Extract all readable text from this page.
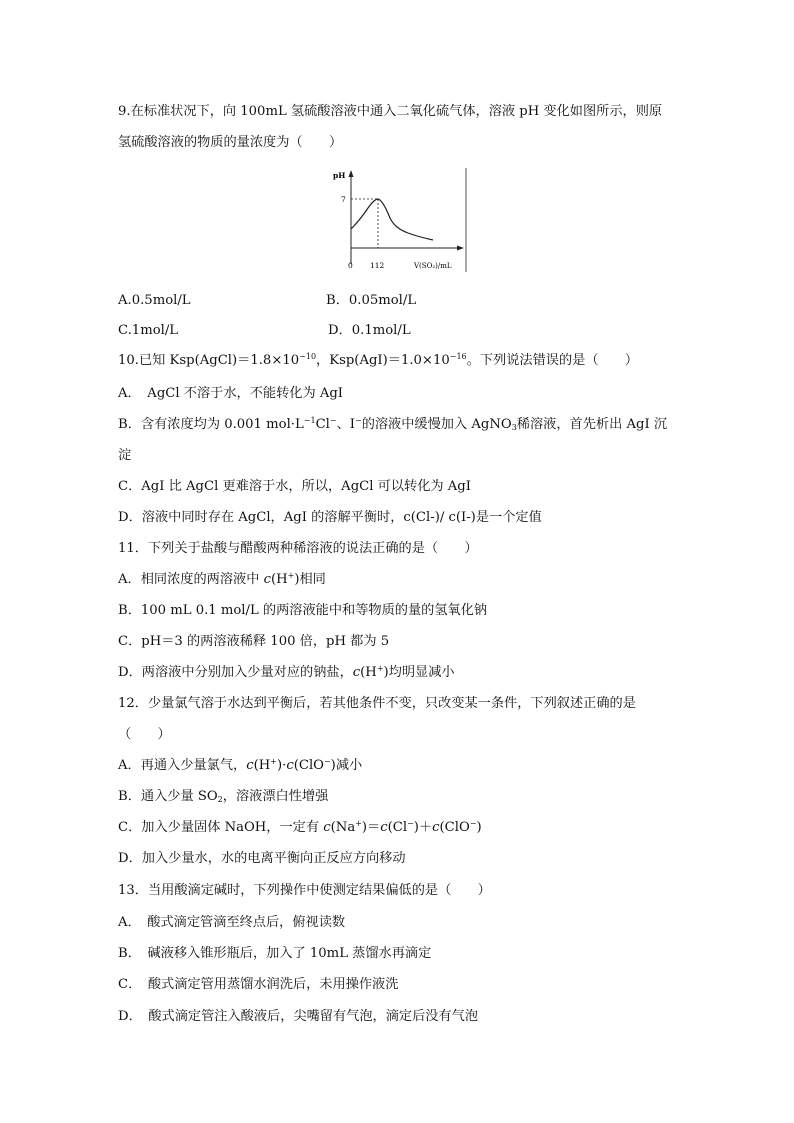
9.在标准状况下，向 100mL 氢硫酸溶液中通入二氧化硫气体，溶液 pH 变化如图所示，则原
氢硫酸溶液的物质的量浓度为（　　）
pH
7
0 112	V(SO₂)/mL
A.0.5mol/L	B．0.05mol/L
C.1mol/L	D．0.1mol/L
10.已知 $Ksp(AgCl)=1.8\times 10^{-10}$，$Ksp(AgI)=1.0\times 10^{-16}$。下列说法错误的是（　　）
A．　AgCl 不溶于水，不能转化为 AgI
B．含有浓度均为 0.001 $mol\cdot L^{-1}Cl^-$、I−的溶液中缓慢加入 AgNO$_3$稀溶液，首先析出 AgI 沉
淀
C．AgI 比 AgCl 更难溶于水，所以，AgCl 可以转化为 AgI
D．溶液中同时存在 AgCl，AgI 的溶解平衡时，c(Cl-)/ c(I-)是一个定值
11．下列关于盐酸与醋酸两种稀溶液的说法正确的是（　　）
A．相同浓度的两溶液中 c(H+)相同
B．100 mL 0.1 mol/L 的两溶液能中和等物质的量的氢氧化钠
C．pH＝3 的两溶液稀释 100 倍，pH 都为 5
D．两溶液中分别加入少量对应的钠盐，c(H+)均明显减小
12．少量氯气溶于水达到平衡后，若其他条件不变，只改变某一条件，下列叙述正确的是
（　　）
A．再通入少量氯气，c(H+)·c(ClO−)减小
B．通入少量 $SO_2$，溶液漂白性增强
C．加入少量固体 NaOH，一定有 c(Na+)＝c(Cl−)＋c(ClO−)
D．加入少量水，水的电离平衡向正反应方向移动
13．当用酸滴定碱时，下列操作中使测定结果偏低的是（　　）
A．　酸式滴定管滴至终点后，俯视读数
B．　碱液移入锥形瓶后，加入了 10mL 蒸馏水再滴定
C．　酸式滴定管用蒸馏水润洗后，未用操作液洗
D．　酸式滴定管注入酸液后，尖嘴留有气泡，滴定后没有气泡
